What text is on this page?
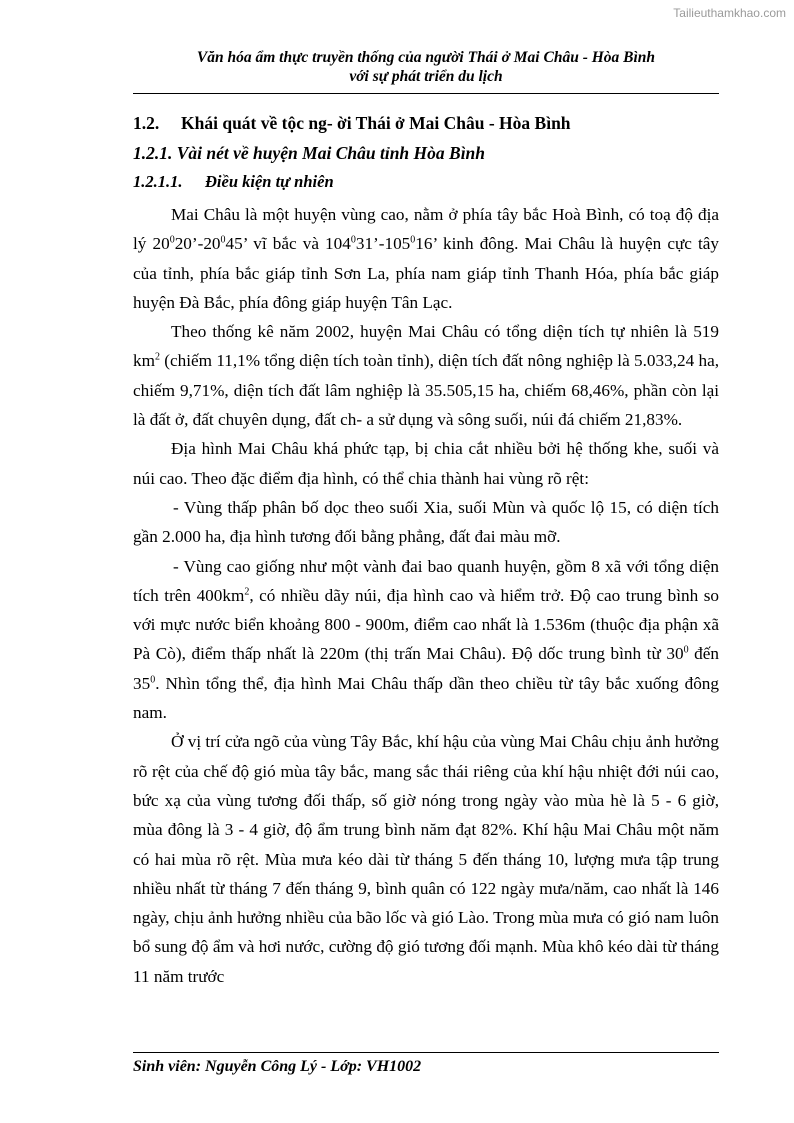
Tailieuthamkhao.com
Văn hóa ẩm thực truyền thống của người Thái ở Mai Châu - Hòa Bình
với sự phát triển du lịch
1.2. Khái quát về tộc ng- ời Thái ở Mai Châu - Hòa Bình
1.2.1. Vài nét về huyện Mai Châu tỉnh Hòa Bình
1.2.1.1. Điều kiện tự nhiên

Mai Châu là một huyện vùng cao, nằm ở phía tây bắc Hoà Bình, có toạ độ địa lý $20^020’-20^045$’ vĩ bắc và $104^031’-105^016$’ kinh đông. Mai Châu là huyện cực tây của tỉnh, phía bắc giáp tỉnh Sơn La, phía nam giáp tỉnh Thanh Hóa, phía bắc giáp huyện Đà Bắc, phía đông giáp huyện Tân Lạc.

Theo thống kê năm 2002, huyện Mai Châu có tổng diện tích tự nhiên là 519 $km^2$ (chiếm 11,1% tổng diện tích toàn tỉnh), diện tích đất nông nghiệp là 5.033,24 ha, chiếm 9,71%, diện tích đất lâm nghiệp là 35.505,15 ha, chiếm 68,46%, phần còn lại là đất ở, đất chuyên dụng, đất ch- a sử dụng và sông suối, núi đá chiếm 21,83%.

Địa hình Mai Châu khá phức tạp, bị chia cắt nhiều bởi hệ thống khe, suối và núi cao. Theo đặc điểm địa hình, có thể chia thành hai vùng rõ rệt:

- Vùng thấp phân bố dọc theo suối Xia, suối Mùn và quốc lộ 15, có diện tích gần 2.000 ha, địa hình tương đối bằng phẳng, đất đai màu mỡ.

- Vùng cao giống như một vành đai bao quanh huyện, gồm 8 xã với tổng diện tích trên $400km^2$, có nhiều dãy núi, địa hình cao và hiểm trở. Độ cao trung bình so với mực nước biển khoảng 800 - 900m, điểm cao nhất là 1.536m (thuộc địa phận xã Pà Cò), điểm thấp nhất là 220m (thị trấn Mai Châu). Độ dốc trung bình từ $30^0$ đến $35^0$. Nhìn tổng thể, địa hình Mai Châu thấp dần theo chiều từ tây bắc xuống đông nam.

Ở vị trí cửa ngõ của vùng Tây Bắc, khí hậu của vùng Mai Châu chịu ảnh hưởng rõ rệt của chế độ gió mùa tây bắc, mang sắc thái riêng của khí hậu nhiệt đới núi cao, bức xạ của vùng tương đối thấp, số giờ nóng trong ngày vào mùa hè là 5 - 6 giờ, mùa đông là 3 - 4 giờ, độ ẩm trung bình năm đạt 82%. Khí hậu Mai Châu một năm có hai mùa rõ rệt. Mùa mưa kéo dài từ tháng 5 đến tháng 10, lượng mưa tập trung nhiều nhất từ tháng 7 đến tháng 9, bình quân có 122 ngày mưa/năm, cao nhất là 146 ngày, chịu ảnh hưởng nhiều của bão lốc và gió Lào. Trong mùa mưa có gió nam luôn bổ sung độ ẩm và hơi nước, cường độ gió tương đối mạnh. Mùa khô kéo dài từ tháng 11 năm trước

Sinh viên: Nguyễn Công Lý - Lớp: VH1002
